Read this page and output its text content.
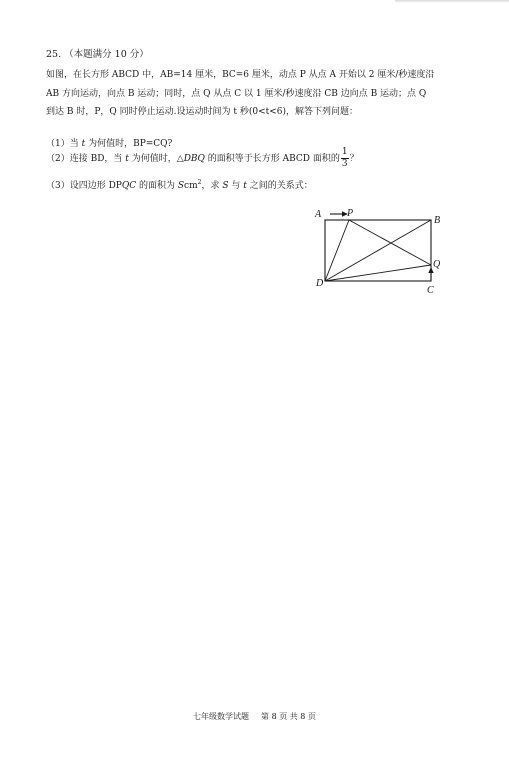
25. （本题满分 10 分）
如图，在长方形 ABCD 中，AB=14 厘米，BC=6 厘米，动点 P 从点 A 开始以 2 厘米/秒速度沿
AB 方向运动，向点 B 运动；同时，点 Q 从点 C 以 1 厘米/秒速度沿 CB 边向点 B 运动；点 Q
到达 B 时，P，Q 同时停止运动.设运动时间为 t 秒(0<t<6)，解答下列问题：
（1）当 t 为何值时，BP=CQ?
（2）连接 BD，当 t 为何值时，△DBQ 的面积等于长方形 ABCD 面积的 $\frac{1}{3}$ ？
（3）设四边形 DPQC 的面积为 Scm$^2$，求 S 与 t 之间的关系式：
A	P
B
Q
D
C
七年级数学试题 第 8 页 共 8 页
